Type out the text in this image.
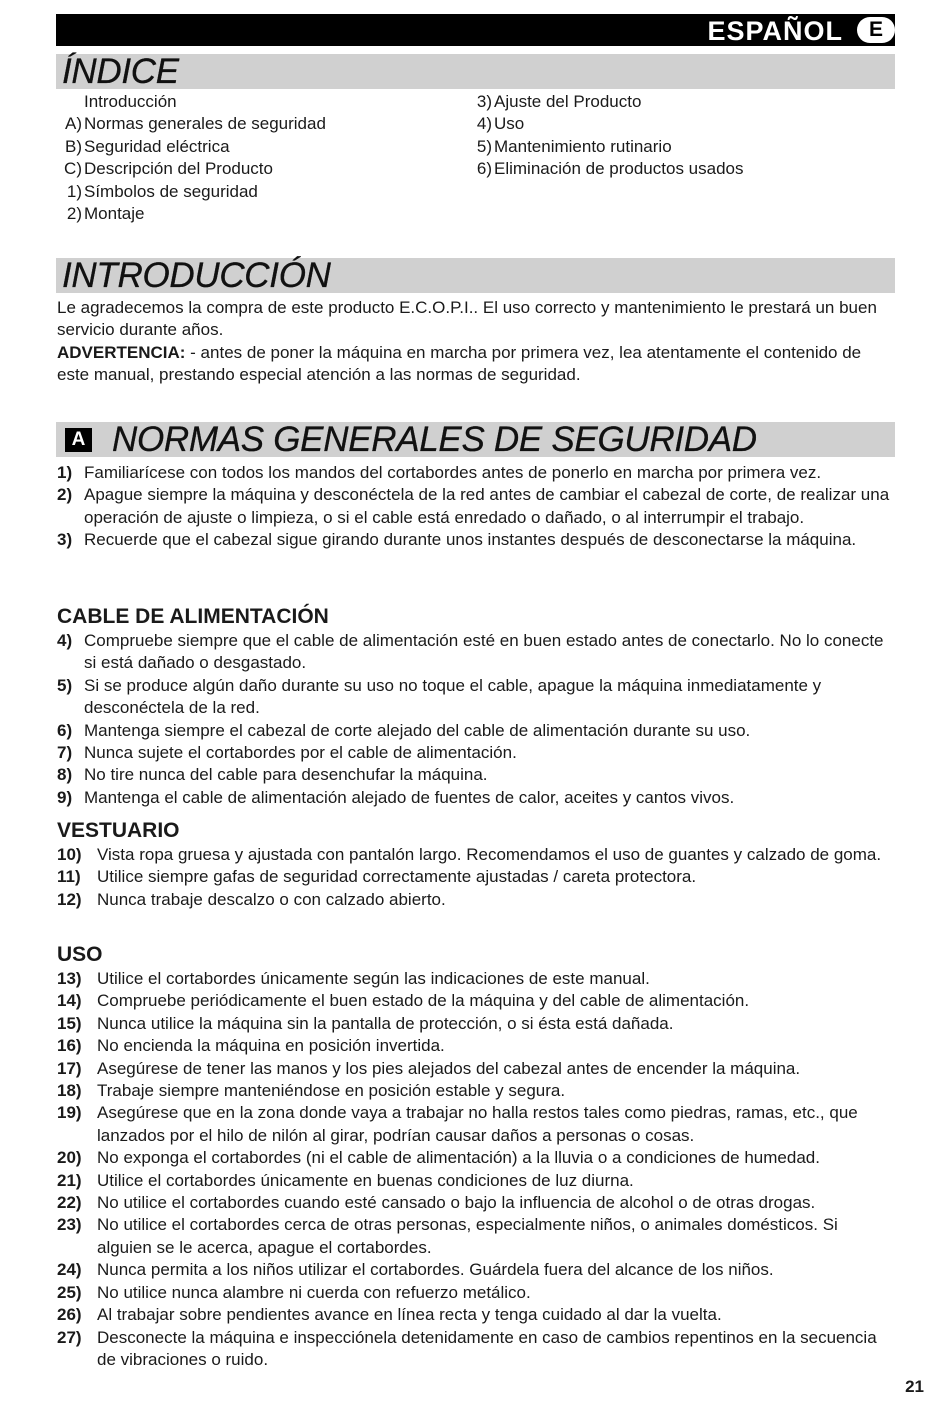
ESPAÑOL	E
ÍNDICE
Introducción
A) Normas generales de seguridad
B) Seguridad eléctrica
C) Descripción del Producto
1) Símbolos de seguridad
2) Montaje
3) Ajuste del Producto
4) Uso
5) Mantenimiento rutinario
6) Eliminación de productos usados
INTRODUCCIÓN

Le agradecemos la compra de este producto E.C.O.P.I.. El uso correcto y mantenimiento le prestará un buen servicio durante años.

ADVERTENCIA: - antes de poner la máquina en marcha por primera vez, lea atentamente el contenido de este manual, prestando especial atención a las normas de seguridad.

A NORMAS GENERALES DE SEGURIDAD
1) Familiarícese con todos los mandos del cortabordes antes de ponerlo en marcha por primera vez.
2) Apague siempre la máquina y desconéctela de la red antes de cambiar el cabezal de corte, de realizar una operación de ajuste o limpieza, o si el cable está enredado o dañado, o al interrumpir el trabajo.
3) Recuerde que el cabezal sigue girando durante unos instantes después de desconectarse la máquina.
CABLE DE ALIMENTACIÓN
4) Compruebe siempre que el cable de alimentación esté en buen estado antes de conectarlo. No lo conecte si está dañado o desgastado.
5) Si se produce algún daño durante su uso no toque el cable, apague la máquina inmediatamente y desconéctela de la red.
6) Mantenga siempre el cabezal de corte alejado del cable de alimentación durante su uso.
7) Nunca sujete el cortabordes por el cable de alimentación.
8) No tire nunca del cable para desenchufar la máquina.
9) Mantenga el cable de alimentación alejado de fuentes de calor, aceites y cantos vivos.
VESTUARIO
10) Vista ropa gruesa y ajustada con pantalón largo. Recomendamos el uso de guantes y calzado de goma.
11) Utilice siempre gafas de seguridad correctamente ajustadas / careta protectora.
12) Nunca trabaje descalzo o con calzado abierto.
USO
13) Utilice el cortabordes únicamente según las indicaciones de este manual.
14) Compruebe periódicamente el buen estado de la máquina y del cable de alimentación.
15) Nunca utilice la máquina sin la pantalla de protección, o si ésta está dañada.
16) No encienda la máquina en posición invertida.
17) Asegúrese de tener las manos y los pies alejados del cabezal antes de encender la máquina.
18) Trabaje siempre manteniéndose en posición estable y segura.
19) Asegúrese que en la zona donde vaya a trabajar no halla restos tales como piedras, ramas, etc., que lanzados por el hilo de nilón al girar, podrían causar daños a personas o cosas.
20) No exponga el cortabordes (ni el cable de alimentación) a la lluvia o a condiciones de humedad.
21) Utilice el cortabordes únicamente en buenas condiciones de luz diurna.
22) No utilice el cortabordes cuando esté cansado o bajo la influencia de alcohol o de otras drogas.
23) No utilice el cortabordes cerca de otras personas, especialmente niños, o animales domésticos. Si alguien se le acerca, apague el cortabordes.
24) Nunca permita a los niños utilizar el cortabordes. Guárdela fuera del alcance de los niños.
25) No utilice nunca alambre ni cuerda con refuerzo metálico.
26) Al trabajar sobre pendientes avance en línea recta y tenga cuidado al dar la vuelta.
27) Desconecte la máquina e inspecciónela detenidamente en caso de cambios repentinos en la secuencia de vibraciones o ruido.
21
